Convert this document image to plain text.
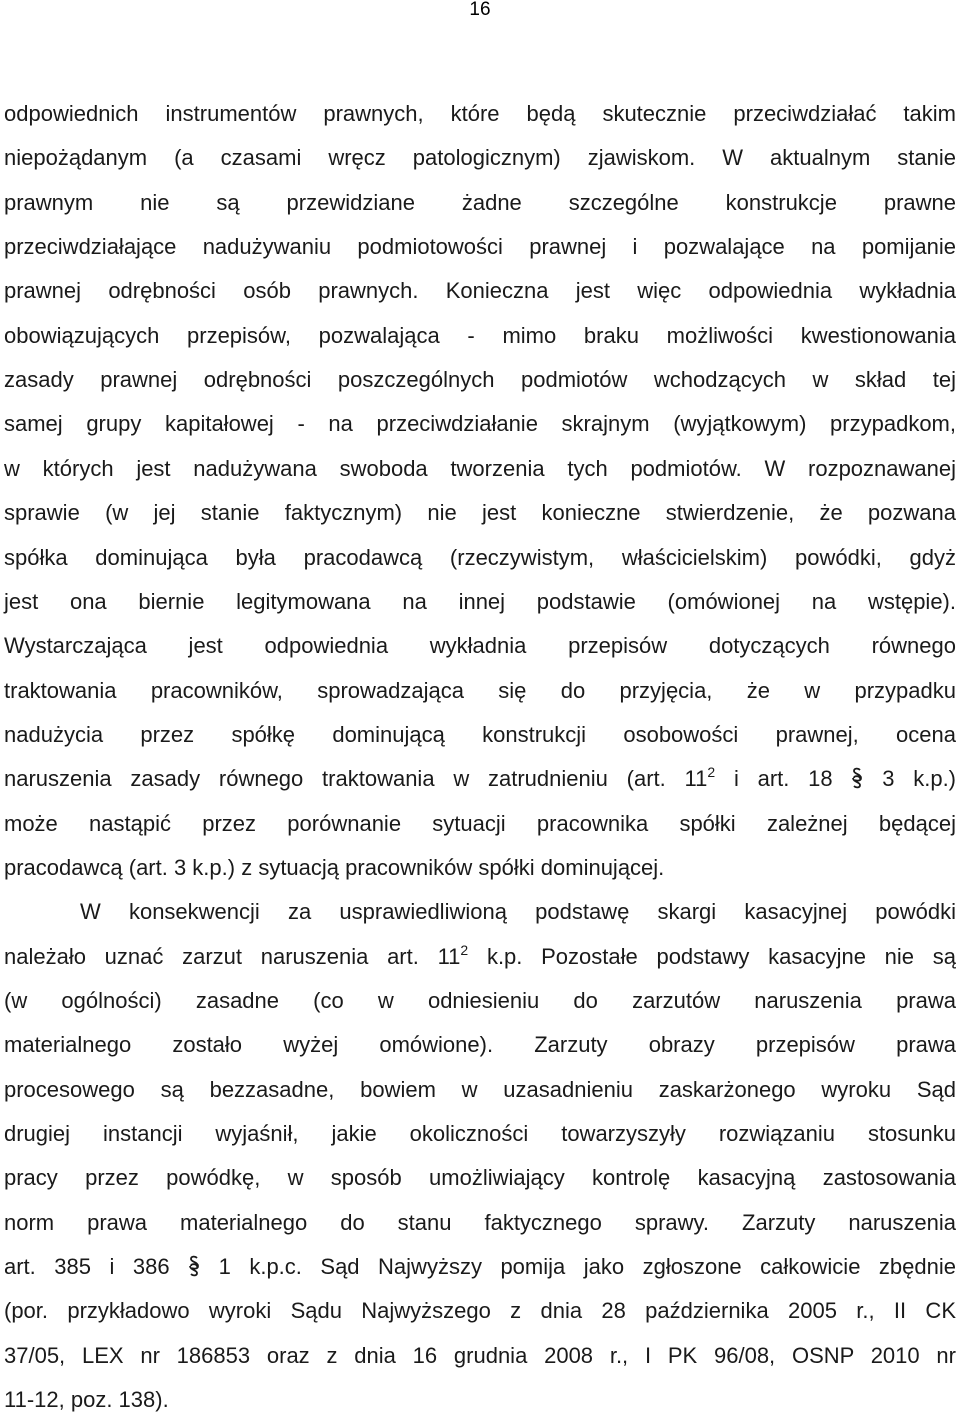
16
odpowiednich instrumentów prawnych, które będą skutecznie przeciwdziałać takim
niepożądanym (a czasami wręcz patologicznym) zjawiskom. W aktualnym stanie
prawnym nie są przewidziane żadne szczególne konstrukcje prawne
przeciwdziałające nadużywaniu podmiotowości prawnej i pozwalające na pomijanie
prawnej odrębności osób prawnych. Konieczna jest więc odpowiednia wykładnia
obowiązujących przepisów, pozwalająca - mimo braku możliwości kwestionowania
zasady prawnej odrębności poszczególnych podmiotów wchodzących w skład tej
samej grupy kapitałowej - na przeciwdziałanie skrajnym (wyjątkowym) przypadkom,
w których jest nadużywana swoboda tworzenia tych podmiotów. W rozpoznawanej
sprawie (w jej stanie faktycznym) nie jest konieczne stwierdzenie, że pozwana
spółka dominująca była pracodawcą (rzeczywistym, właścicielskim) powódki, gdyż
jest ona biernie legitymowana na innej podstawie (omówionej na wstępie).
Wystarczająca jest odpowiednia wykładnia przepisów dotyczących równego
traktowania pracowników, sprowadzająca się do przyjęcia, że w przypadku
nadużycia przez spółkę dominującą konstrukcji osobowości prawnej, ocena
naruszenia zasady równego traktowania w zatrudnieniu (art. $11^2$ i art. 18  3 k.p.)
może nastąpić przez porównanie sytuacji pracownika spółki zależnej będącej
pracodawcą (art. 3 k.p.) z sytuacją pracowników spółki dominującej.
W konsekwencji za usprawiedliwioną podstawę skargi kasacyjnej powódki
należało uznać zarzut naruszenia art. $11^2$ k.p. Pozostałe podstawy kasacyjne nie są
(w ogólności) zasadne (co w odniesieniu do zarzutów naruszenia prawa
materialnego zostało wyżej omówione). Zarzuty obrazy przepisów prawa
procesowego są bezzasadne, bowiem w uzasadnieniu zaskarżonego wyroku Sąd
drugiej instancji wyjaśnił, jakie okoliczności towarzyszyły rozwiązaniu stosunku
pracy przez powódkę, w sposób umożliwiający kontrolę kasacyjną zastosowania
norm prawa materialnego do stanu faktycznego sprawy. Zarzuty naruszenia
art. 385 i 386  1 k.p.c. Sąd Najwyższy pomija jako zgłoszone całkowicie zbędnie
(por. przykładowo wyroki Sądu Najwyższego z dnia 28 października 2005 r., II CK
37/05, LEX nr 186853 oraz z dnia 16 grudnia 2008 r., I PK 96/08, OSNP 2010 nr
11-12, poz. 138).
